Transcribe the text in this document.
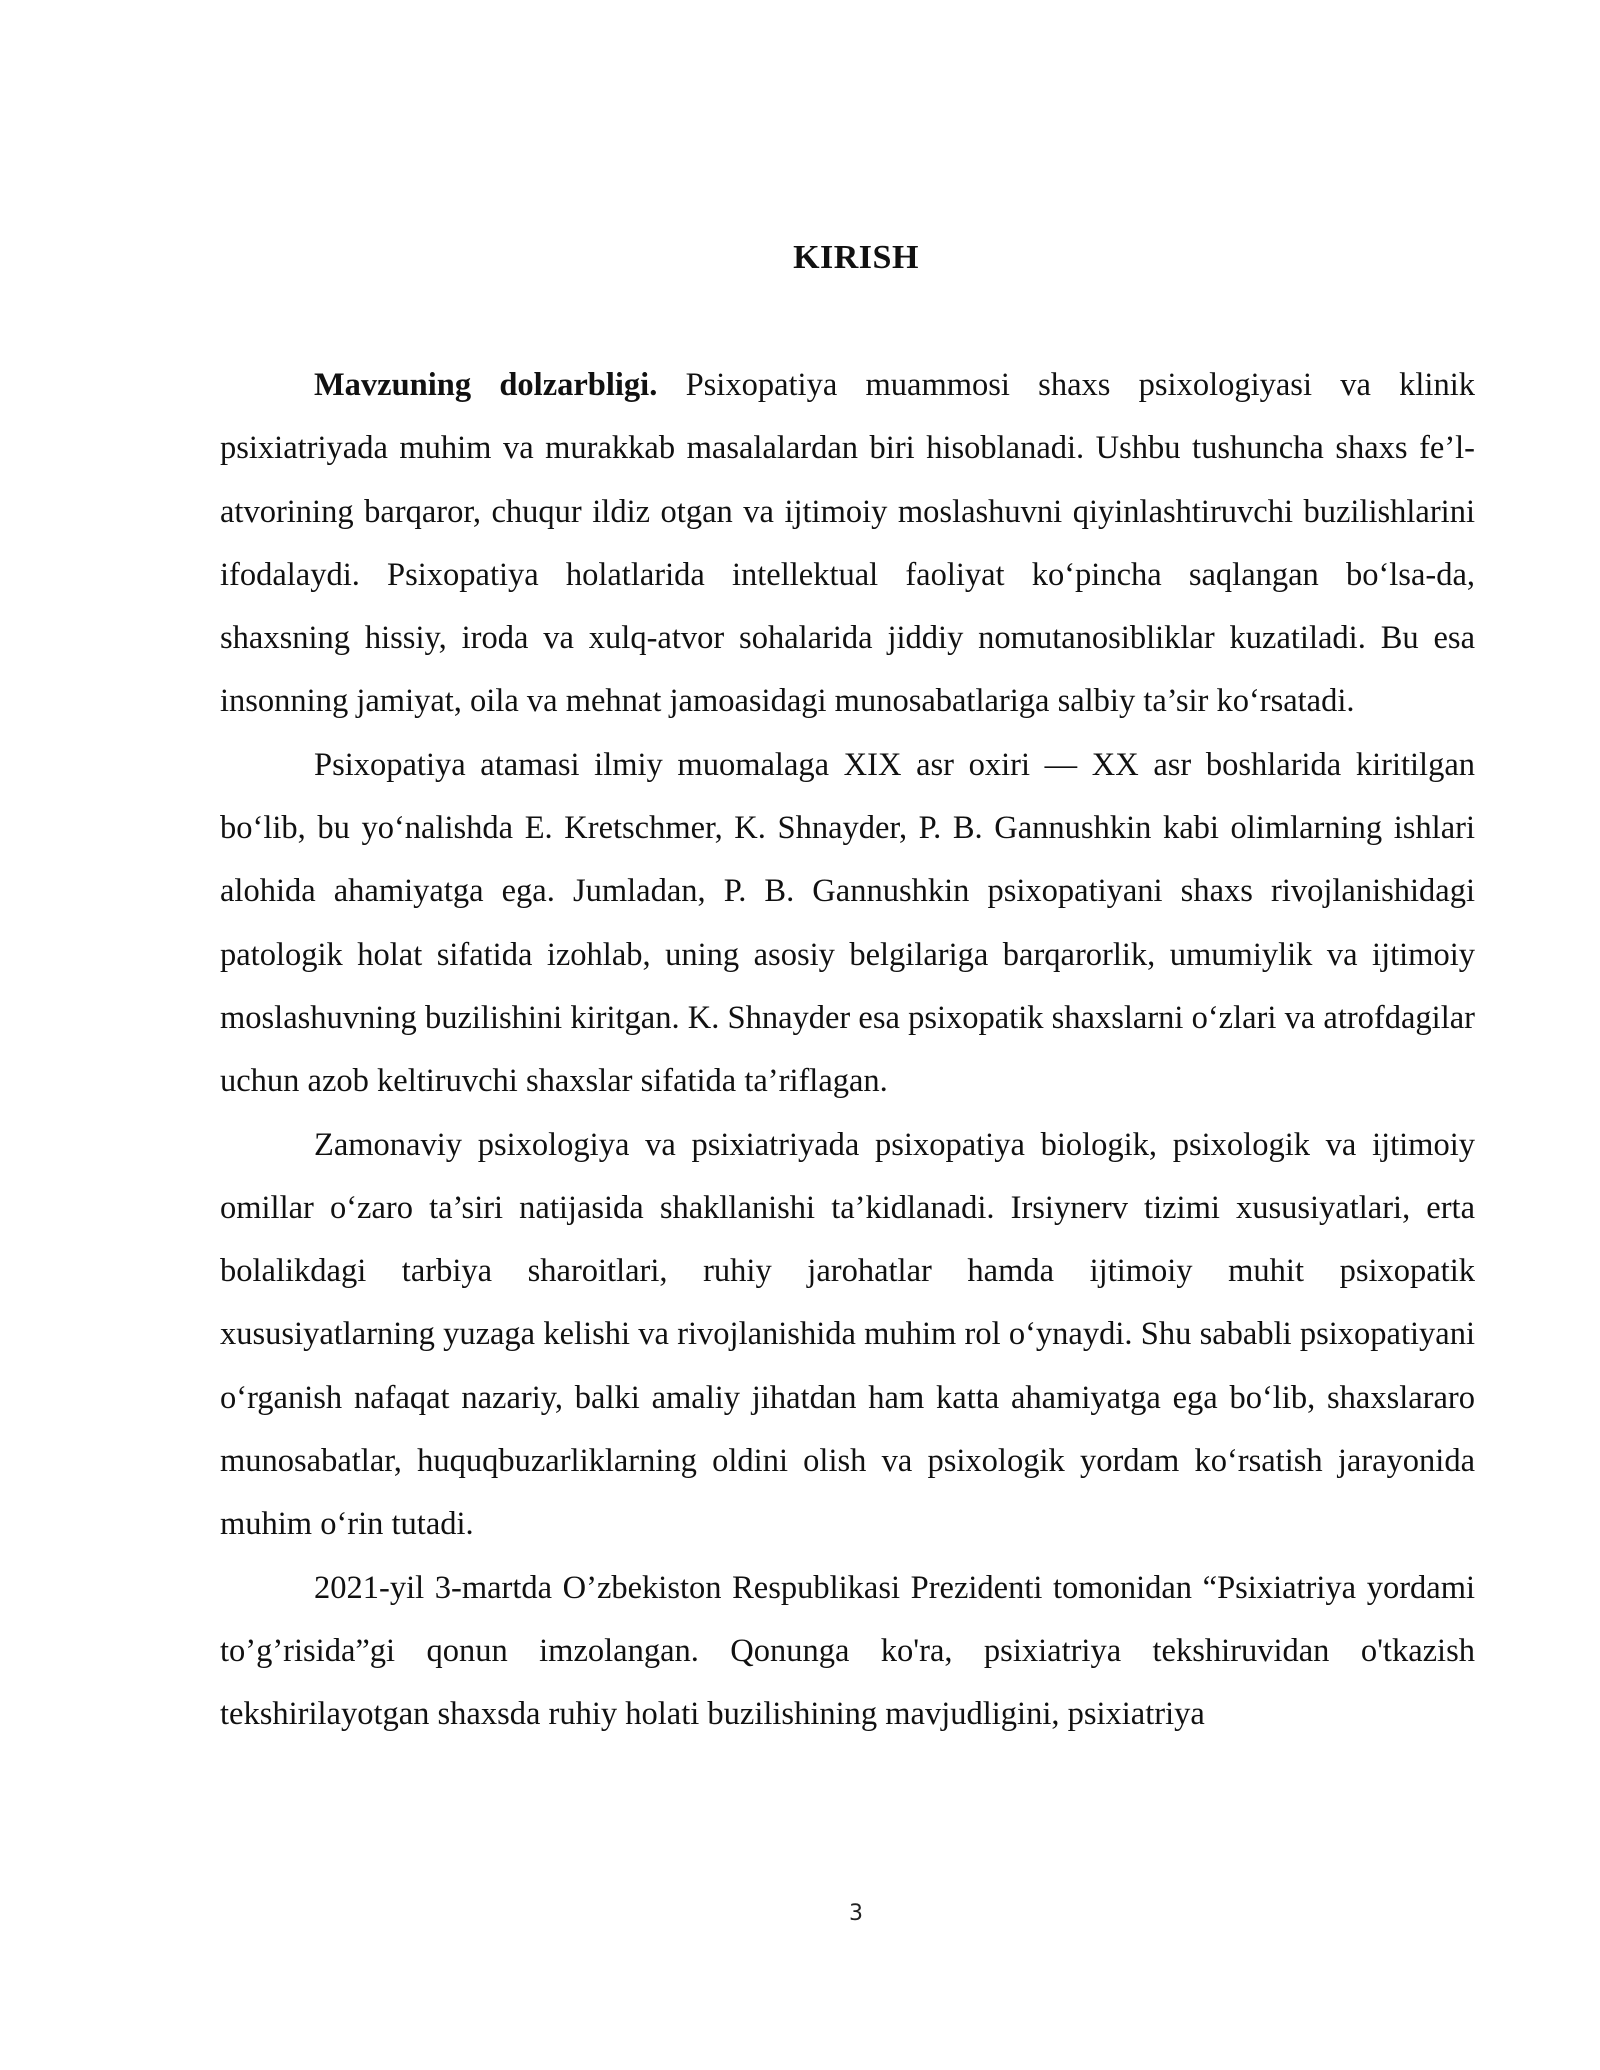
KIRISH

Mavzuning dolzarbligi. Psixopatiya muammosi shaxs psixologiyasi va klinik psixiatriyada muhim va murakkab masalalardan biri hisoblanadi. Ushbu tushuncha shaxs fe’l-atvorining barqaror, chuqur ildiz otgan va ijtimoiy moslashuvni qiyinlashtiruvchi buzilishlarini ifodalaydi. Psixopatiya holatlarida intellektual faoliyat ko‘pincha saqlangan bo‘lsa-da, shaxsning hissiy, iroda va xulq-atvor sohalarida jiddiy nomutanosibliklar kuzatiladi. Bu esa insonning jamiyat, oila va mehnat jamoasidagi munosabatlariga salbiy ta’sir ko‘rsatadi.

Psixopatiya atamasi ilmiy muomalaga XIX asr oxiri — XX asr boshlarida kiritilgan bo‘lib, bu yo‘nalishda E. Kretschmer, K. Shnayder, P. B. Gannushkin kabi olimlarning ishlari alohida ahamiyatga ega. Jumladan, P. B. Gannushkin psixopatiyani shaxs rivojlanishidagi patologik holat sifatida izohlab, uning asosiy belgilariga barqarorlik, umumiylik va ijtimoiy moslashuvning buzilishini kiritgan. K. Shnayder esa psixopatik shaxslarni o‘zlari va atrofdagilar uchun azob keltiruvchi shaxslar sifatida ta’riflagan.

Zamonaviy psixologiya va psixiatriyada psixopatiya biologik, psixologik va ijtimoiy omillar o‘zaro ta’siri natijasida shakllanishi ta’kidlanadi. Irsiynerv tizimi xususiyatlari, erta bolalikdagi tarbiya sharoitlari, ruhiy jarohatlar hamda ijtimoiy muhit psixopatik xususiyatlarning yuzaga kelishi va rivojlanishida muhim rol o‘ynaydi. Shu sababli psixopatiyani o‘rganish nafaqat nazariy, balki amaliy jihatdan ham katta ahamiyatga ega bo‘lib, shaxslararo munosabatlar, huquqbuzarliklarning oldini olish va psixologik yordam ko‘rsatish jarayonida muhim o‘rin tutadi.

2021-yil 3-martda O’zbekiston Respublikasi Prezidenti tomonidan “Psixiatriya yordami to’g’risida”gi qonun imzolangan. Qonunga ko'ra, psixiatriya tekshiruvidan o'tkazish tekshirilayotgan shaxsda ruhiy holati buzilishining mavjudligini, psixiatriya

3
